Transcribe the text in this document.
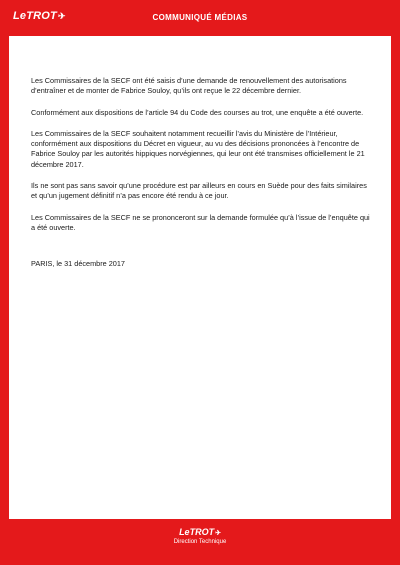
LeTROT✈	COMMUNIQUÉ MÉDIAS

Les Commissaires de la SECF ont été saisis d’une demande de renouvellement des autorisations d’entraîner et de monter de Fabrice Souloy, qu’ils ont reçue le 22 décembre dernier.

Conformément aux dispositions de l’article 94 du Code des courses au trot, une enquête a été ouverte.

Les Commissaires de la SECF souhaitent notamment recueillir l’avis du Ministère de l’Intérieur, conformément aux dispositions du Décret en vigueur, au vu des décisions prononcées à l’encontre de Fabrice Souloy par les autorités hippiques norvégiennes, qui leur ont été transmises officiellement le 21 décembre 2017.

Ils ne sont pas sans savoir qu’une procédure est par ailleurs en cours en Suède pour des faits similaires et qu’un jugement définitif n’a pas encore été rendu à ce jour.

Les Commissaires de la SECF ne se prononceront sur la demande formulée qu’à l’issue de l’enquête qui a été ouverte.

PARIS, le 31 décembre 2017

LeTROT✈
Direction Technique
